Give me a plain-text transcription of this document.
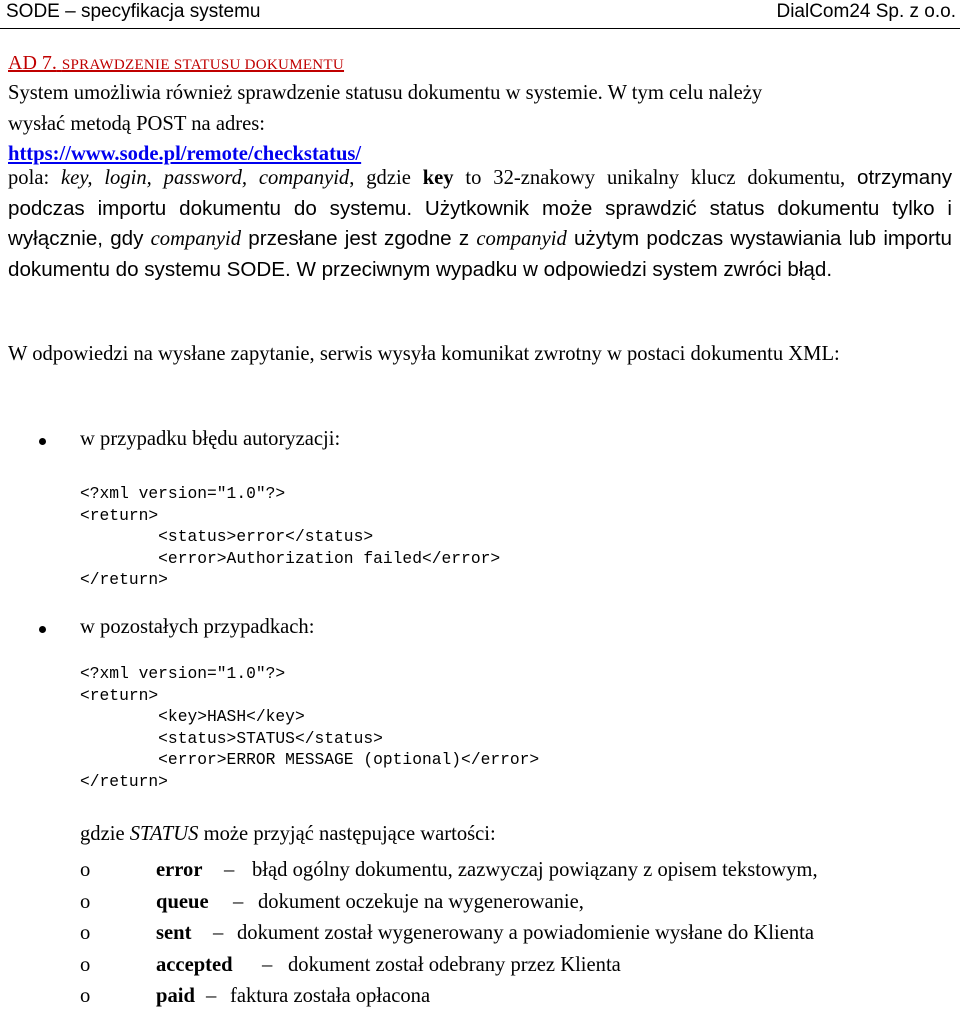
SODE – specyfikacja systemu	DialCom24 Sp. z o.o.
AD 7. SPRAWDZENIE STATUSU DOKUMENTU
System umożliwia również sprawdzenie statusu dokumentu w systemie. W tym celu należy
wysłać metodą POST na adres:
https://www.sode.pl/remote/checkstatus/
pola: key, login, password, companyid, gdzie key to 32-znakowy unikalny klucz dokumentu, otrzymany podczas importu dokumentu do systemu. Użytkownik może sprawdzić status dokumentu tylko i wyłącznie, gdy companyid przesłane jest zgodne z companyid użytym podczas wystawiania lub importu dokumentu do systemu SODE. W przeciwnym wypadku w odpowiedzi system zwróci błąd.
W odpowiedzi na wysłane zapytanie, serwis wysyła komunikat zwrotny w postaci dokumentu XML:
w przypadku błędu autoryzacji:
<?xml version="1.0"?>
<return>
<status>error</status>
<error>Authorization failed</error>
</return>
w pozostałych przypadkach:
<?xml version="1.0"?>
<return>
<key>HASH</key>
<status>STATUS</status>
<error>ERROR MESSAGE (optional)</error>
</return>
gdzie STATUS może przyjąć następujące wartości:
o	error – błąd ogólny dokumentu, zazwyczaj powiązany z opisem tekstowym,
o	queue – dokument oczekuje na wygenerowanie,
o	sent – dokument został wygenerowany a powiadomienie wysłane do Klienta
o	accepted – dokument został odebrany przez Klienta
o	paid – faktura została opłacona
